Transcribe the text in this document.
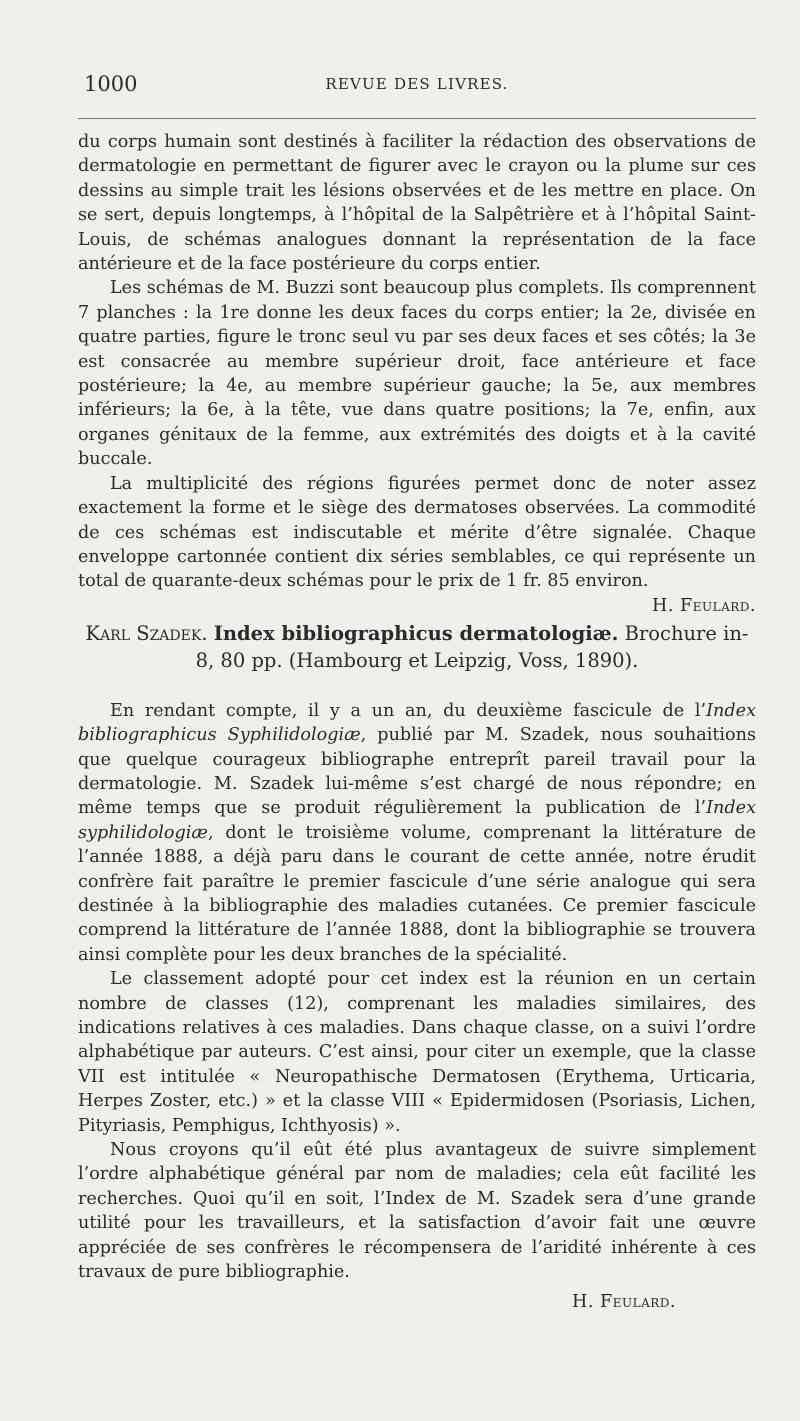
1000	REVUE DES LIVRES.

du corps humain sont destinés à faciliter la rédaction des observations de dermatologie en permettant de figurer avec le crayon ou la plume sur ces dessins au simple trait les lésions observées et de les mettre en place. On se sert, depuis longtemps, à l’hôpital de la Salpêtrière et à l’hôpital Saint-Louis, de schémas analogues donnant la représentation de la face antérieure et de la face postérieure du corps entier.

Les schémas de M. Buzzi sont beaucoup plus complets. Ils comprennent 7 planches : la 1re donne les deux faces du corps entier; la 2e, divisée en quatre parties, figure le tronc seul vu par ses deux faces et ses côtés; la 3e est consacrée au membre supérieur droit, face antérieure et face postérieure; la 4e, au membre supérieur gauche; la 5e, aux membres inférieurs; la 6e, à la tête, vue dans quatre positions; la 7e, enfin, aux organes génitaux de la femme, aux extrémités des doigts et à la cavité buccale.

La multiplicité des régions figurées permet donc de noter assez exactement la forme et le siège des dermatoses observées. La commodité de ces schémas est indiscutable et mérite d’être signalée. Chaque enveloppe cartonnée contient dix séries semblables, ce qui représente un total de quarante-deux schémas pour le prix de 1 fr. 85 environ.
H. Feulard.

Karl Szadek. Index bibliographicus dermatologiæ. Brochure in-8, 80 pp. (Hambourg et Leipzig, Voss, 1890).

En rendant compte, il y a un an, du deuxième fascicule de l’Index bibliographicus Syphilidologiæ, publié par M. Szadek, nous souhaitions que quelque courageux bibliographe entreprît pareil travail pour la dermatologie. M. Szadek lui-même s’est chargé de nous répondre; en même temps que se produit régulièrement la publication de l’Index syphilidologiæ, dont le troisième volume, comprenant la littérature de l’année 1888, a déjà paru dans le courant de cette année, notre érudit confrère fait paraître le premier fascicule d’une série analogue qui sera destinée à la bibliographie des maladies cutanées. Ce premier fascicule comprend la littérature de l’année 1888, dont la bibliographie se trouvera ainsi complète pour les deux branches de la spécialité.

Le classement adopté pour cet index est la réunion en un certain nombre de classes (12), comprenant les maladies similaires, des indications relatives à ces maladies. Dans chaque classe, on a suivi l’ordre alphabétique par auteurs. C’est ainsi, pour citer un exemple, que la classe VII est intitulée « Neuropathische Dermatosen (Erythema, Urticaria, Herpes Zoster, etc.) » et la classe VIII « Epidermidosen (Psoriasis, Lichen, Pityriasis, Pemphigus, Ichthyosis) ».

Nous croyons qu’il eût été plus avantageux de suivre simplement l’ordre alphabétique général par nom de maladies; cela eût facilité les recherches. Quoi qu’il en soit, l’Index de M. Szadek sera d’une grande utilité pour les travailleurs, et la satisfaction d’avoir fait une œuvre appréciée de ses confrères le récompensera de l’aridité inhérente à ces travaux de pure bibliographie.

H. Feulard.
